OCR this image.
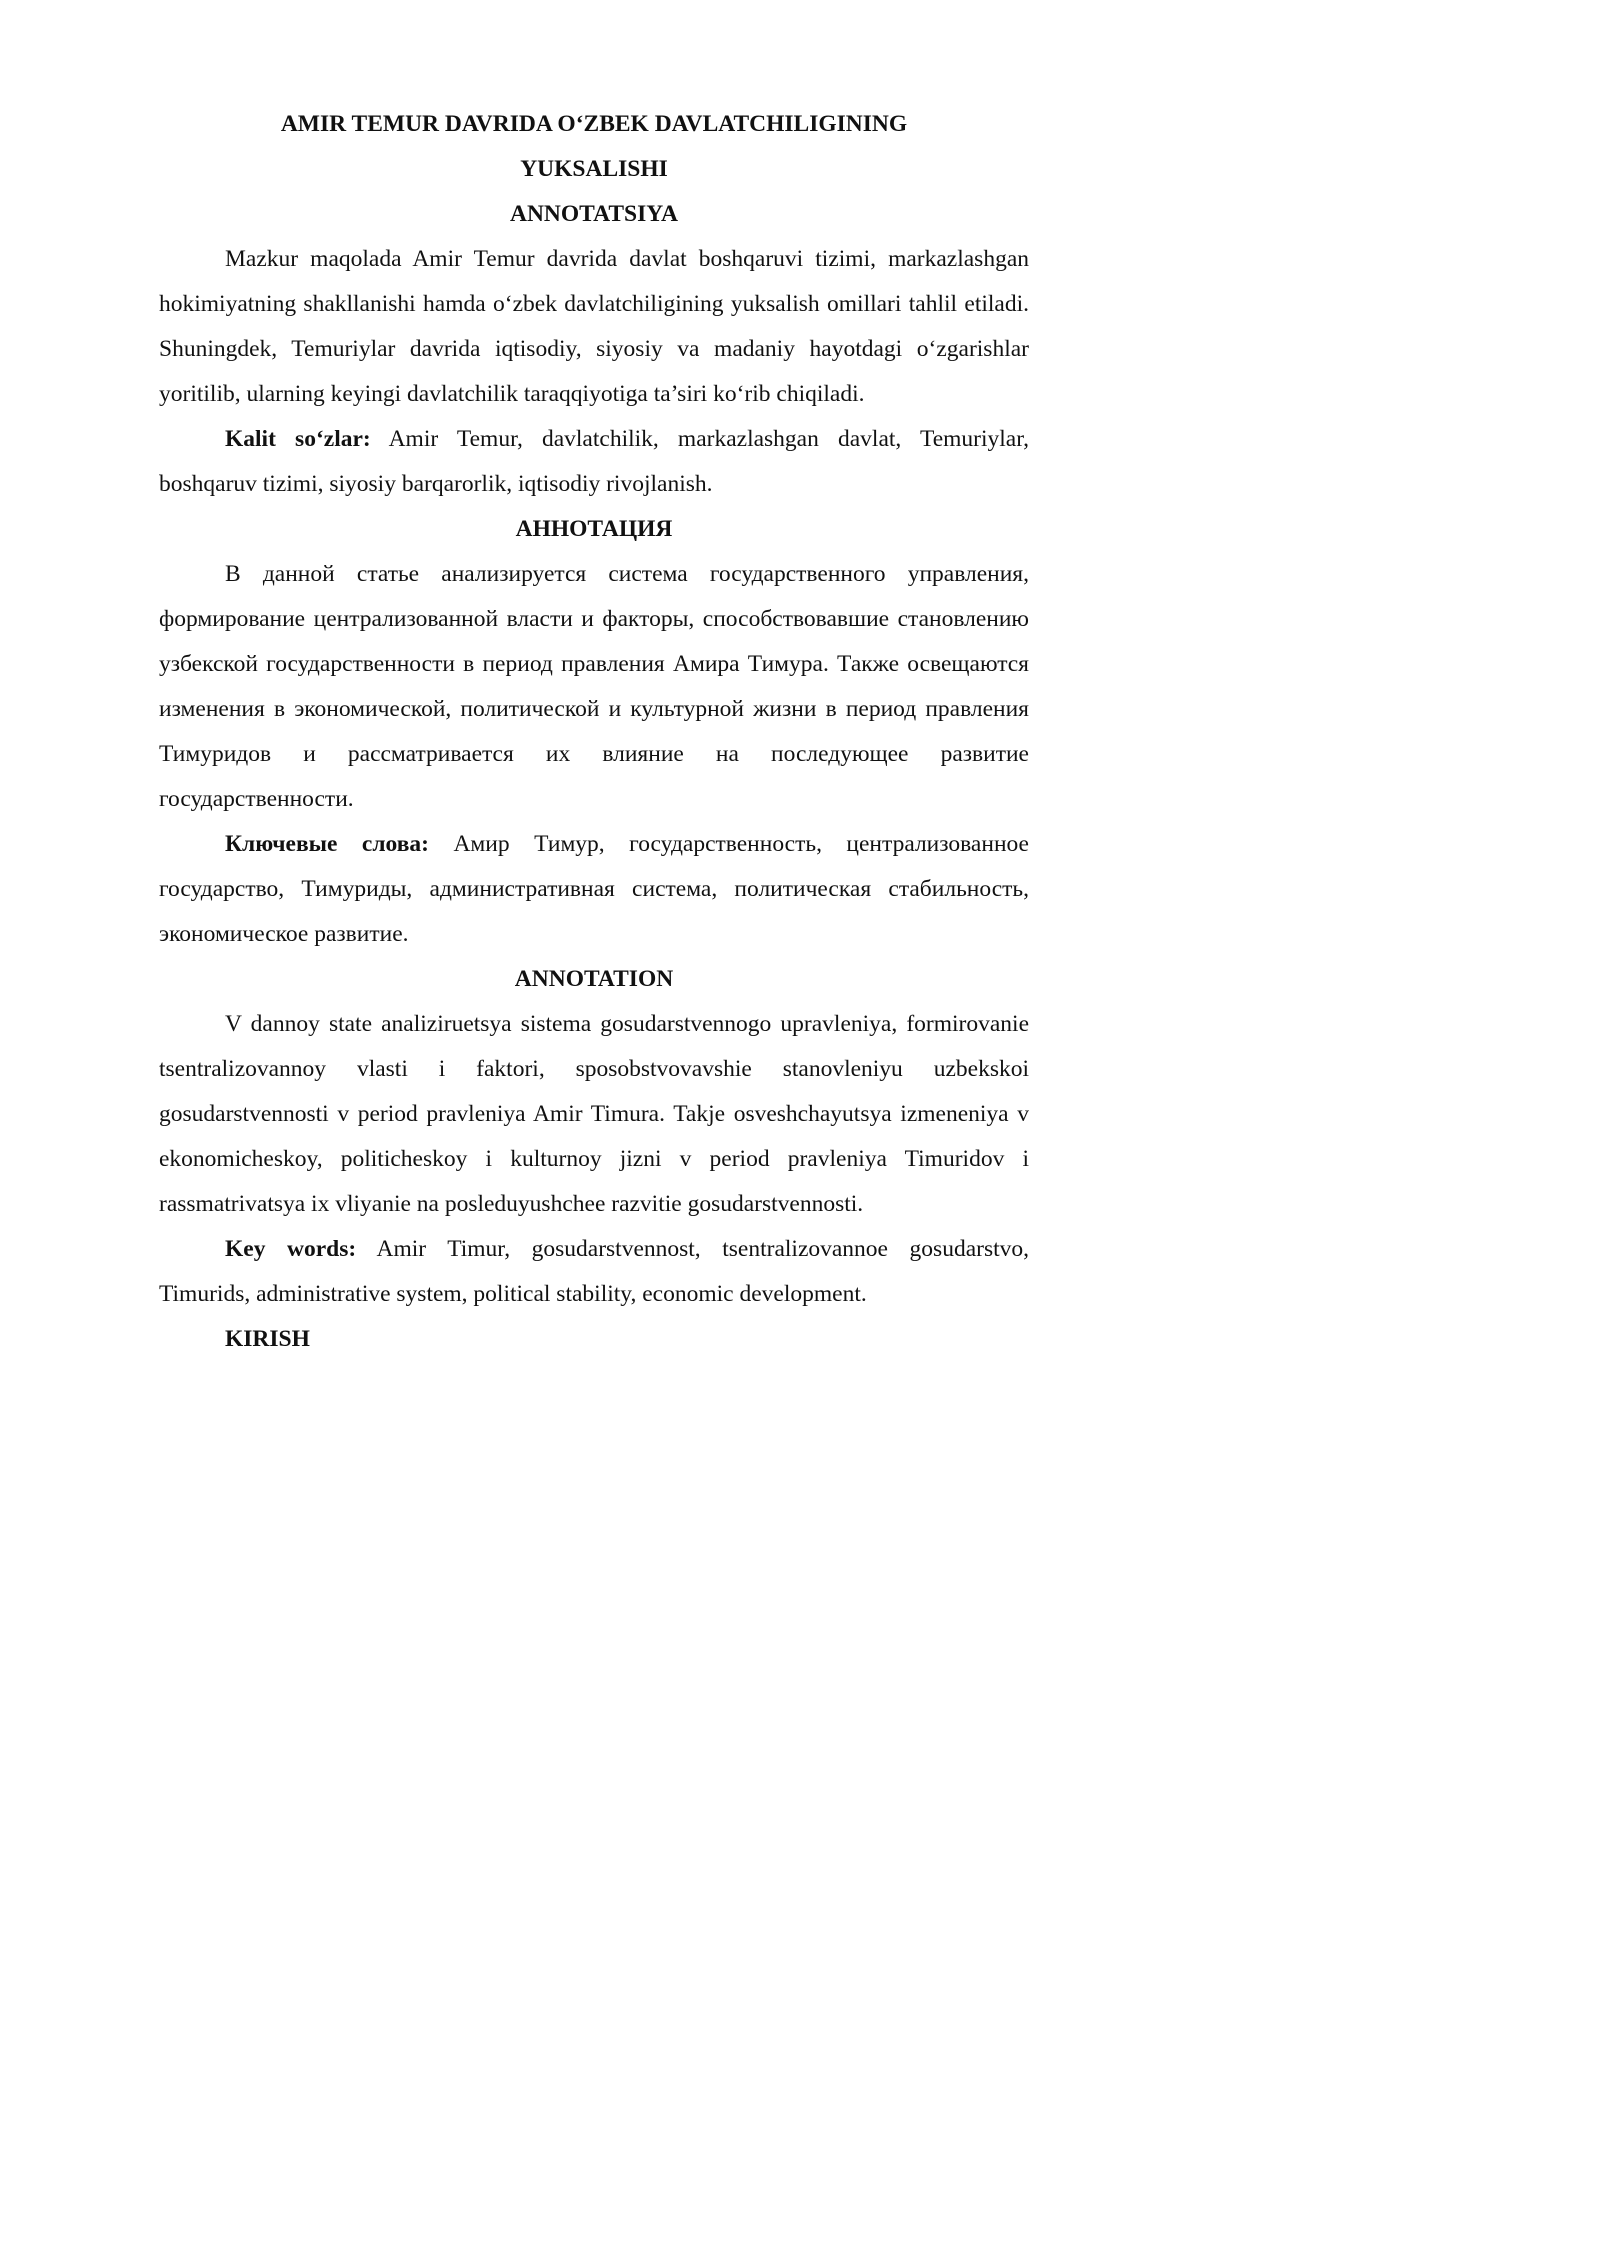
AMIR TEMUR DAVRIDA O‘ZBEK DAVLATCHILIGINING

YUKSALISHI

ANNOTATSIYA

Mazkur maqolada Amir Temur davrida davlat boshqaruvi tizimi, markazlashgan hokimiyatning shakllanishi hamda o‘zbek davlatchiligining yuksalish omillari tahlil etiladi. Shuningdek, Temuriylar davrida iqtisodiy, siyosiy va madaniy hayotdagi o‘zgarishlar yoritilib, ularning keyingi davlatchilik taraqqiyotiga ta’siri ko‘rib chiqiladi.

Kalit so‘zlar: Amir Temur, davlatchilik, markazlashgan davlat, Temuriylar, boshqaruv tizimi, siyosiy barqarorlik, iqtisodiy rivojlanish.

АННОТАЦИЯ

В данной статье анализируется система государственного управления, формирование централизованной власти и факторы, способствовавшие становлению узбекской государственности в период правления Амира Тимура. Также освещаются изменения в экономической, политической и культурной жизни в период правления Тимуридов и рассматривается их влияние на последующее развитие государственности.

Ключевые слова: Амир Тимур, государственность, централизованное государство, Тимуриды, административная система, политическая стабильность, экономическое развитие.

ANNOTATION

V dannoy state analiziruetsya sistema gosudarstvennogo upravleniya, formirovanie tsentralizovannoy vlasti i faktori, sposobstvovavshie stanovleniyu uzbekskoi gosudarstvennosti v period pravleniya Amir Timura. Takje osveshchayutsya izmeneniya v ekonomicheskoy, politicheskoy i kulturnoy jizni v period pravleniya Timuridov i rassmatrivatsya ix vliyanie na posleduyushchee razvitie gosudarstvennosti.

Key words: Amir Timur, gosudarstvennost, tsentralizovannoe gosudarstvo, Timurids, administrative system, political stability, economic development.

KIRISH
